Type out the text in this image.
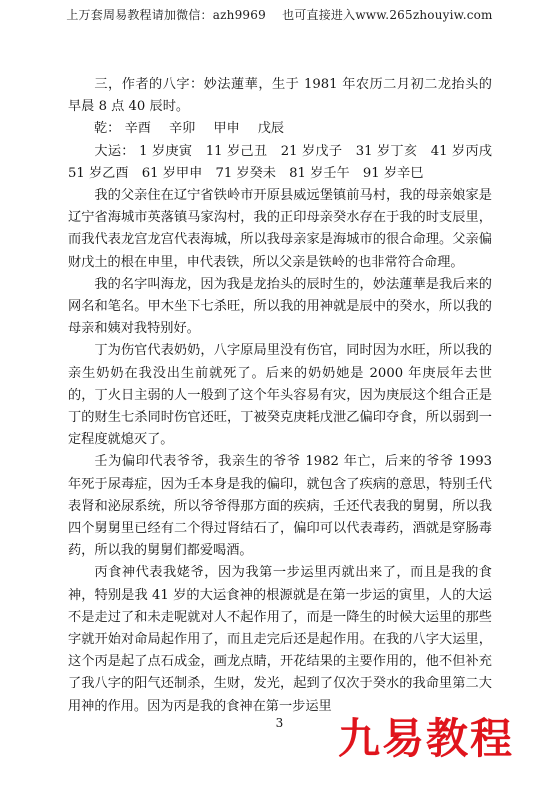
上万套周易教程请加微信：azh9969　 也可直接进入www.265zhouyiw.com

三，作者的八字：妙法蓮華，生于 1981 年农历二月初二龙抬头的早晨 8 点 40 辰时。

乾： 辛酉 辛卯 甲申 戊辰

大运： 1 岁庚寅　11 岁己丑　21 岁戊子　31 岁丁亥　41 岁丙戌　51 岁乙酉　61 岁甲申　71 岁癸未　81 岁壬午　91 岁辛巳

我的父亲住在辽宁省铁岭市开原县威远堡镇前马村，我的母亲娘家是辽宁省海城市英落镇马家沟村，我的正印母亲癸水存在于我的时支辰里，而我代表龙宫龙宫代表海城，所以我母亲家是海城市的很合命理。父亲偏财戊土的根在申里，申代表铁，所以父亲是铁岭的也非常符合命理。

我的名字叫海龙，因为我是龙抬头的辰时生的，妙法蓮華是我后来的网名和笔名。甲木坐下七杀旺，所以我的用神就是辰中的癸水，所以我的母亲和姨对我特别好。

丁为伤官代表奶奶，八字原局里没有伤官，同时因为水旺，所以我的亲生奶奶在我没出生前就死了。后来的奶奶她是 2000 年庚辰年去世的，丁火日主弱的人一般到了这个年头容易有灾，因为庚辰这个组合正是丁的财生七杀同时伤官还旺，丁被癸克庚耗戊泄乙偏印夺食，所以弱到一定程度就熄灭了。

壬为偏印代表爷爷，我亲生的爷爷 1982 年亡，后来的爷爷 1993 年死于尿毒症，因为壬本身是我的偏印，就包含了疾病的意思，特别壬代表肾和泌尿系统，所以爷爷得那方面的疾病，壬还代表我的舅舅，所以我四个舅舅里已经有二个得过肾结石了，偏印可以代表毒药，酒就是穿肠毒药，所以我的舅舅们都爱喝酒。

丙食神代表我姥爷，因为我第一步运里丙就出来了，而且是我的食神，特别是我 41 岁的大运食神的根源就是在第一步运的寅里，人的大运不是走过了和未走呢就对人不起作用了，而是一降生的时候大运里的那些字就开始对命局起作用了，而且走完后还是起作用。在我的八字大运里，这个丙是起了点石成金，画龙点睛，开花结果的主要作用的，他不但补充了我八字的阳气还制杀，生财，发光，起到了仅次于癸水的我命里第二大用神的作用。因为丙是我的食神在第一步运里

3	九易教程
